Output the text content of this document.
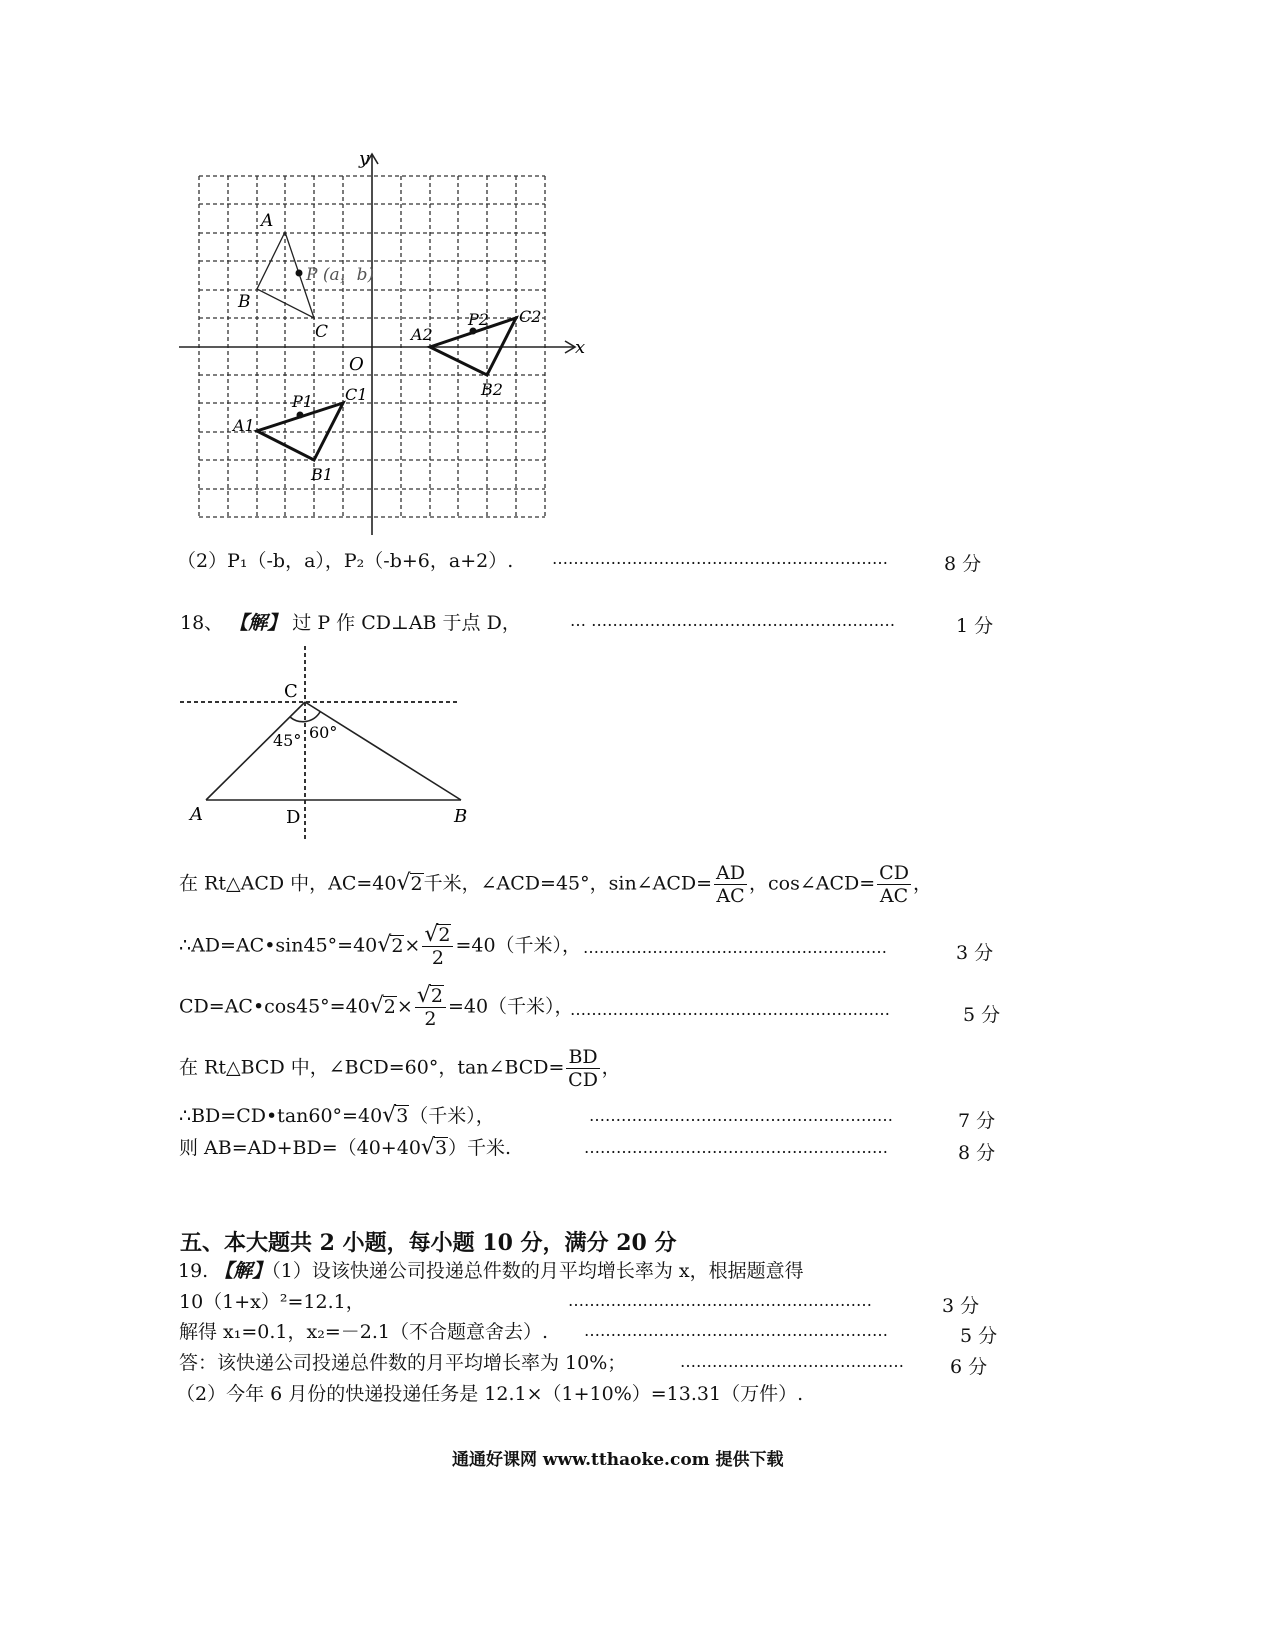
x
y
O
A
B
C
P (a，b)
A1
B1
C1
P1
A2
B2
C2
P2
（2）P₁（-b，a），P₂（-b+6，a+2）. ………………………………………………………	8 分
18、 【解】 过 P 作 CD⊥AB 于点 D，	… …………………………………………………	1 分
C
A	B
D
45° 60°
在 Rt△ACD 中，AC=40√2千米，∠ACD=45°，sin∠ACD= $\frac{AD}{AC}$ ，cos∠ACD= $\frac{CD}{AC}$ ，
∴AD=AC•sin45°=40√2× $\frac{√2}{2} =40$（千米）， …………………………………………………	3 分
CD=AC•cos45°=40√2× $\frac{√2}{2} =40$（千米），
……………………………………………………	5 分
在 Rt△BCD 中，∠BCD=60°，tan∠BCD= $\frac{BD}{CD}$ ，
∴BD=CD•tan60°=40√3（千米），	…………………………………………………	7 分
则 AB=AD+BD=（40+40√3）千米.	…………………………………………………	8 分
五、本大题共 2 小题，每小题 10 分，满分 20 分
19. 【解】（1）设该快递公司投递总件数的月平均增长率为 x，根据题意得
10（1+x）²=12.1，	…………………………………………………	3 分
解得 x₁=0.1，x₂=－2.1（不合题意舍去）. …………………………………………………	5 分
答：该快递公司投递总件数的月平均增长率为 10%；	…………………………………… 6 分
（2）今年 6 月份的快递投递任务是 12.1×（1+10%）=13.31（万件）.
通通好课网 www.tthaoke.com 提供下载
